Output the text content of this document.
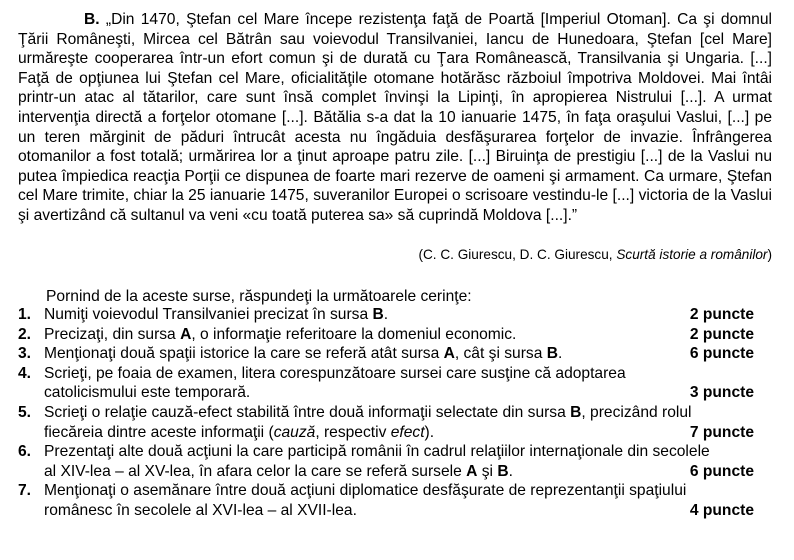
B. „Din 1470, Ştefan cel Mare începe rezistenţa faţă de Poartă [Imperiul Otoman]. Ca şi domnul Ţării Româneşti, Mircea cel Bătrân sau voievodul Transilvaniei, Iancu de Hunedoara, Ştefan [cel Mare] urmăreşte cooperarea într-un efort comun şi de durată cu Ţara Românească, Transilvania şi Ungaria. [...] Faţă de opţiunea lui Ştefan cel Mare, oficialităţile otomane hotărăsc războiul împotriva Moldovei. Mai întâi printr-un atac al tătarilor, care sunt însă complet învinşi la Lipinţi, în apropierea Nistrului [...]. A urmat intervenţia directă a forţelor otomane [...]. Bătălia s-a dat la 10 ianuarie 1475, în faţa oraşului Vaslui, [...] pe un teren mărginit de păduri întrucât acesta nu îngăduia desfăşurarea forţelor de invazie. Înfrângerea otomanilor a fost totală; urmărirea lor a ţinut aproape patru zile. [...] Biruinţa de prestigiu [...] de la Vaslui nu putea împiedica reacţia Porţii ce dispunea de foarte mari rezerve de oameni şi armament. Ca urmare, Ştefan cel Mare trimite, chiar la 25 ianuarie 1475, suveranilor Europei o scrisoare vestindu-le [...] victoria de la Vaslui şi avertizând că sultanul va veni «cu toată puterea sa» să cuprindă Moldova [...].”
(C. C. Giurescu, D. C. Giurescu, Scurtă istorie a românilor)
Pornind de la aceste surse, răspundeţi la următoarele cerinţe:
1. Numiţi voievodul Transilvaniei precizat în sursa B.	2 puncte
2. Precizaţi, din sursa A, o informaţie referitoare la domeniul economic.	2 puncte
3. Menţionaţi două spaţii istorice la care se referă atât sursa A, cât şi sursa B.	6 puncte
4. Scrieţi, pe foaia de examen, litera corespunzătoare sursei care susţine că adoptarea
catolicismului este temporară.	3 puncte
5. Scrieţi o relaţie cauză-efect stabilită între două informaţii selectate din sursa B, precizând rolul
fiecăreia dintre aceste informaţii (cauză, respectiv efect).	7 puncte
6. Prezentaţi alte două acţiuni la care participă românii în cadrul relaţiilor internaţionale din secolele
al XIV-lea – al XV-lea, în afara celor la care se referă sursele A şi B.	6 puncte
7. Menţionaţi o asemănare între două acţiuni diplomatice desfăşurate de reprezentanţii spaţiului
românesc în secolele al XVI-lea – al XVII-lea.	4 puncte
